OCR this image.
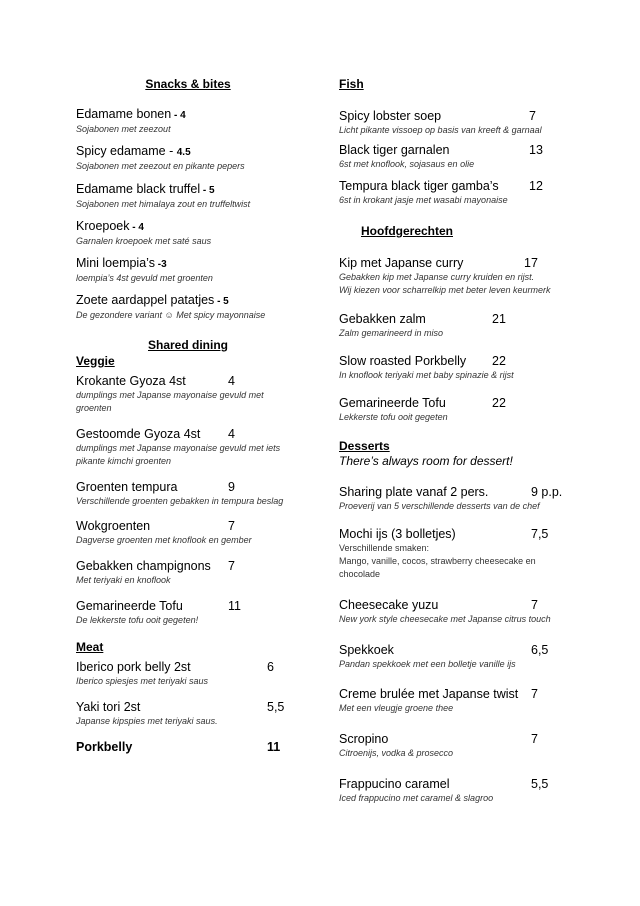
Snacks & bites
Edamame bonen - 4
Sojabonen met zeezout
Spicy edamame - 4.5
Sojabonen met zeezout en pikante pepers
Edamame black truffel - 5
Sojabonen met himalaya zout en truffeltwist
Kroepoek - 4
Garnalen kroepoek met saté saus
Mini loempia’s -3
loempia’s 4st gevuld met groenten
Zoete aardappel patatjes - 5
De gezondere variant ☺ Met spicy mayonnaise
Shared dining
Veggie
Meat
Fish
Hoofdgerechten
Desserts
There’s always room for dessert!
Krokante Gyoza 4st	4
dumplings met Japanse mayonaise gevuld met
groenten
Gestoomde Gyoza 4st	4
dumplings met Japanse mayonaise gevuld met iets
pikante kimchi groenten
Groenten tempura	9
Verschillende groenten gebakken in tempura beslag
Wokgroenten	7
Dagverse groenten met knoflook en gember
Gebakken champignons 7
Met teriyaki en knoflook
Gemarineerde Tofu	11
De lekkerste tofu ooit gegeten!
Iberico pork belly 2st	6
Iberico spiesjes met teriyaki saus
Yaki tori 2st	5,5
Japanse kipspies met teriyaki saus.
Porkbelly	11
Spicy lobster soep	7
Licht pikante vissoep op basis van kreeft & garnaal
Black tiger garnalen	13
6st met knoflook, sojasaus en olie
Tempura black tiger gamba’s	12
6st in krokant jasje met wasabi mayonaise
Kip met Japanse curry	17
Gebakken kip met Japanse curry kruiden en rijst.
Wij kiezen voor scharrelkip met beter leven keurmerk
Gebakken zalm	21
Zalm gemarineerd in miso
Slow roasted Porkbelly	22
In knoflook teriyaki met baby spinazie & rijst
Gemarineerde Tofu	22
Lekkerste tofu ooit gegeten
Sharing plate vanaf 2 pers.	9 p.p.
Proeverij van 5 verschillende desserts van de chef
Mochi ijs (3 bolletjes)	7,5
Verschillende smaken:
Mango, vanille, cocos, strawberry cheesecake en
chocolade
Cheesecake yuzu	7
New york style cheesecake met Japanse citrus touch
Spekkoek	6,5
Pandan spekkoek met een bolletje vanille ijs
Creme brulée met Japanse twist 7
Met een vleugje groene thee
Scropino	7
Citroenijs, vodka & prosecco
Frappucino caramel	5,5
Iced frappucino met caramel & slagroo
